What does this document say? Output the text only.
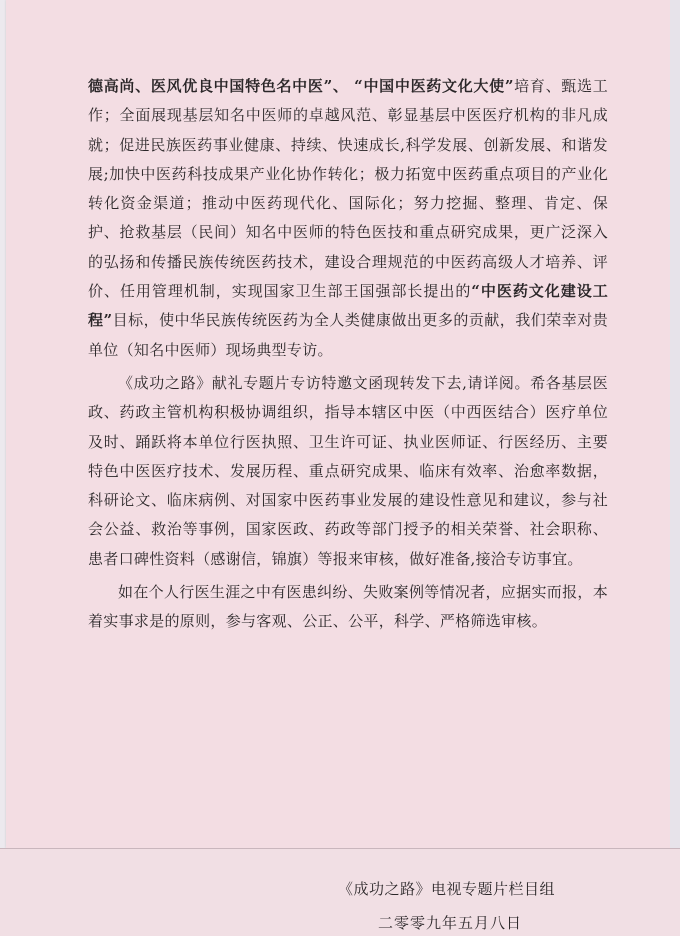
德高尚、医风优良中国特色名中医”、 “中国中医药文化大使”培育、甄选工作；全面展现基层知名中医师的卓越风范、彰显基层中医医疗机构的非凡成就；促进民族医药事业健康、持续、快速成长,科学发展、创新发展、和谐发展;加快中医药科技成果产业化协作转化；极力拓宽中医药重点项目的产业化转化资金渠道；推动中医药现代化、国际化；努力挖掘、整理、肯定、保护、抢救基层（民间）知名中医师的特色医技和重点研究成果，更广泛深入的弘扬和传播民族传统医药技术，建设合理规范的中医药高级人才培养、评价、任用管理机制，实现国家卫生部王国强部长提出的“中医药文化建设工程”目标，使中华民族传统医药为全人类健康做出更多的贡献，我们荣幸对贵单位（知名中医师）现场典型专访。

《成功之路》献礼专题片专访特邀文函现转发下去,请详阅。希各基层医政、药政主管机构积极协调组织，指导本辖区中医（中西医结合）医疗单位及时、踊跃将本单位行医执照、卫生许可证、执业医师证、行医经历、主要特色中医医疗技术、发展历程、重点研究成果、临床有效率、治愈率数据， 科研论文、临床病例、对国家中医药事业发展的建设性意见和建议，参与社会公益、救治等事例，国家医政、药政等部门授予的相关荣誉、社会职称、患者口碑性资料（感谢信，锦旗）等报来审核，做好准备,接洽专访事宜。

如在个人行医生涯之中有医患纠纷、失败案例等情况者，应据实而报，本着实事求是的原则，参与客观、公正、公平，科学、严格筛选审核。

《成功之路》电视专题片栏目组
二零零九年五月八日
